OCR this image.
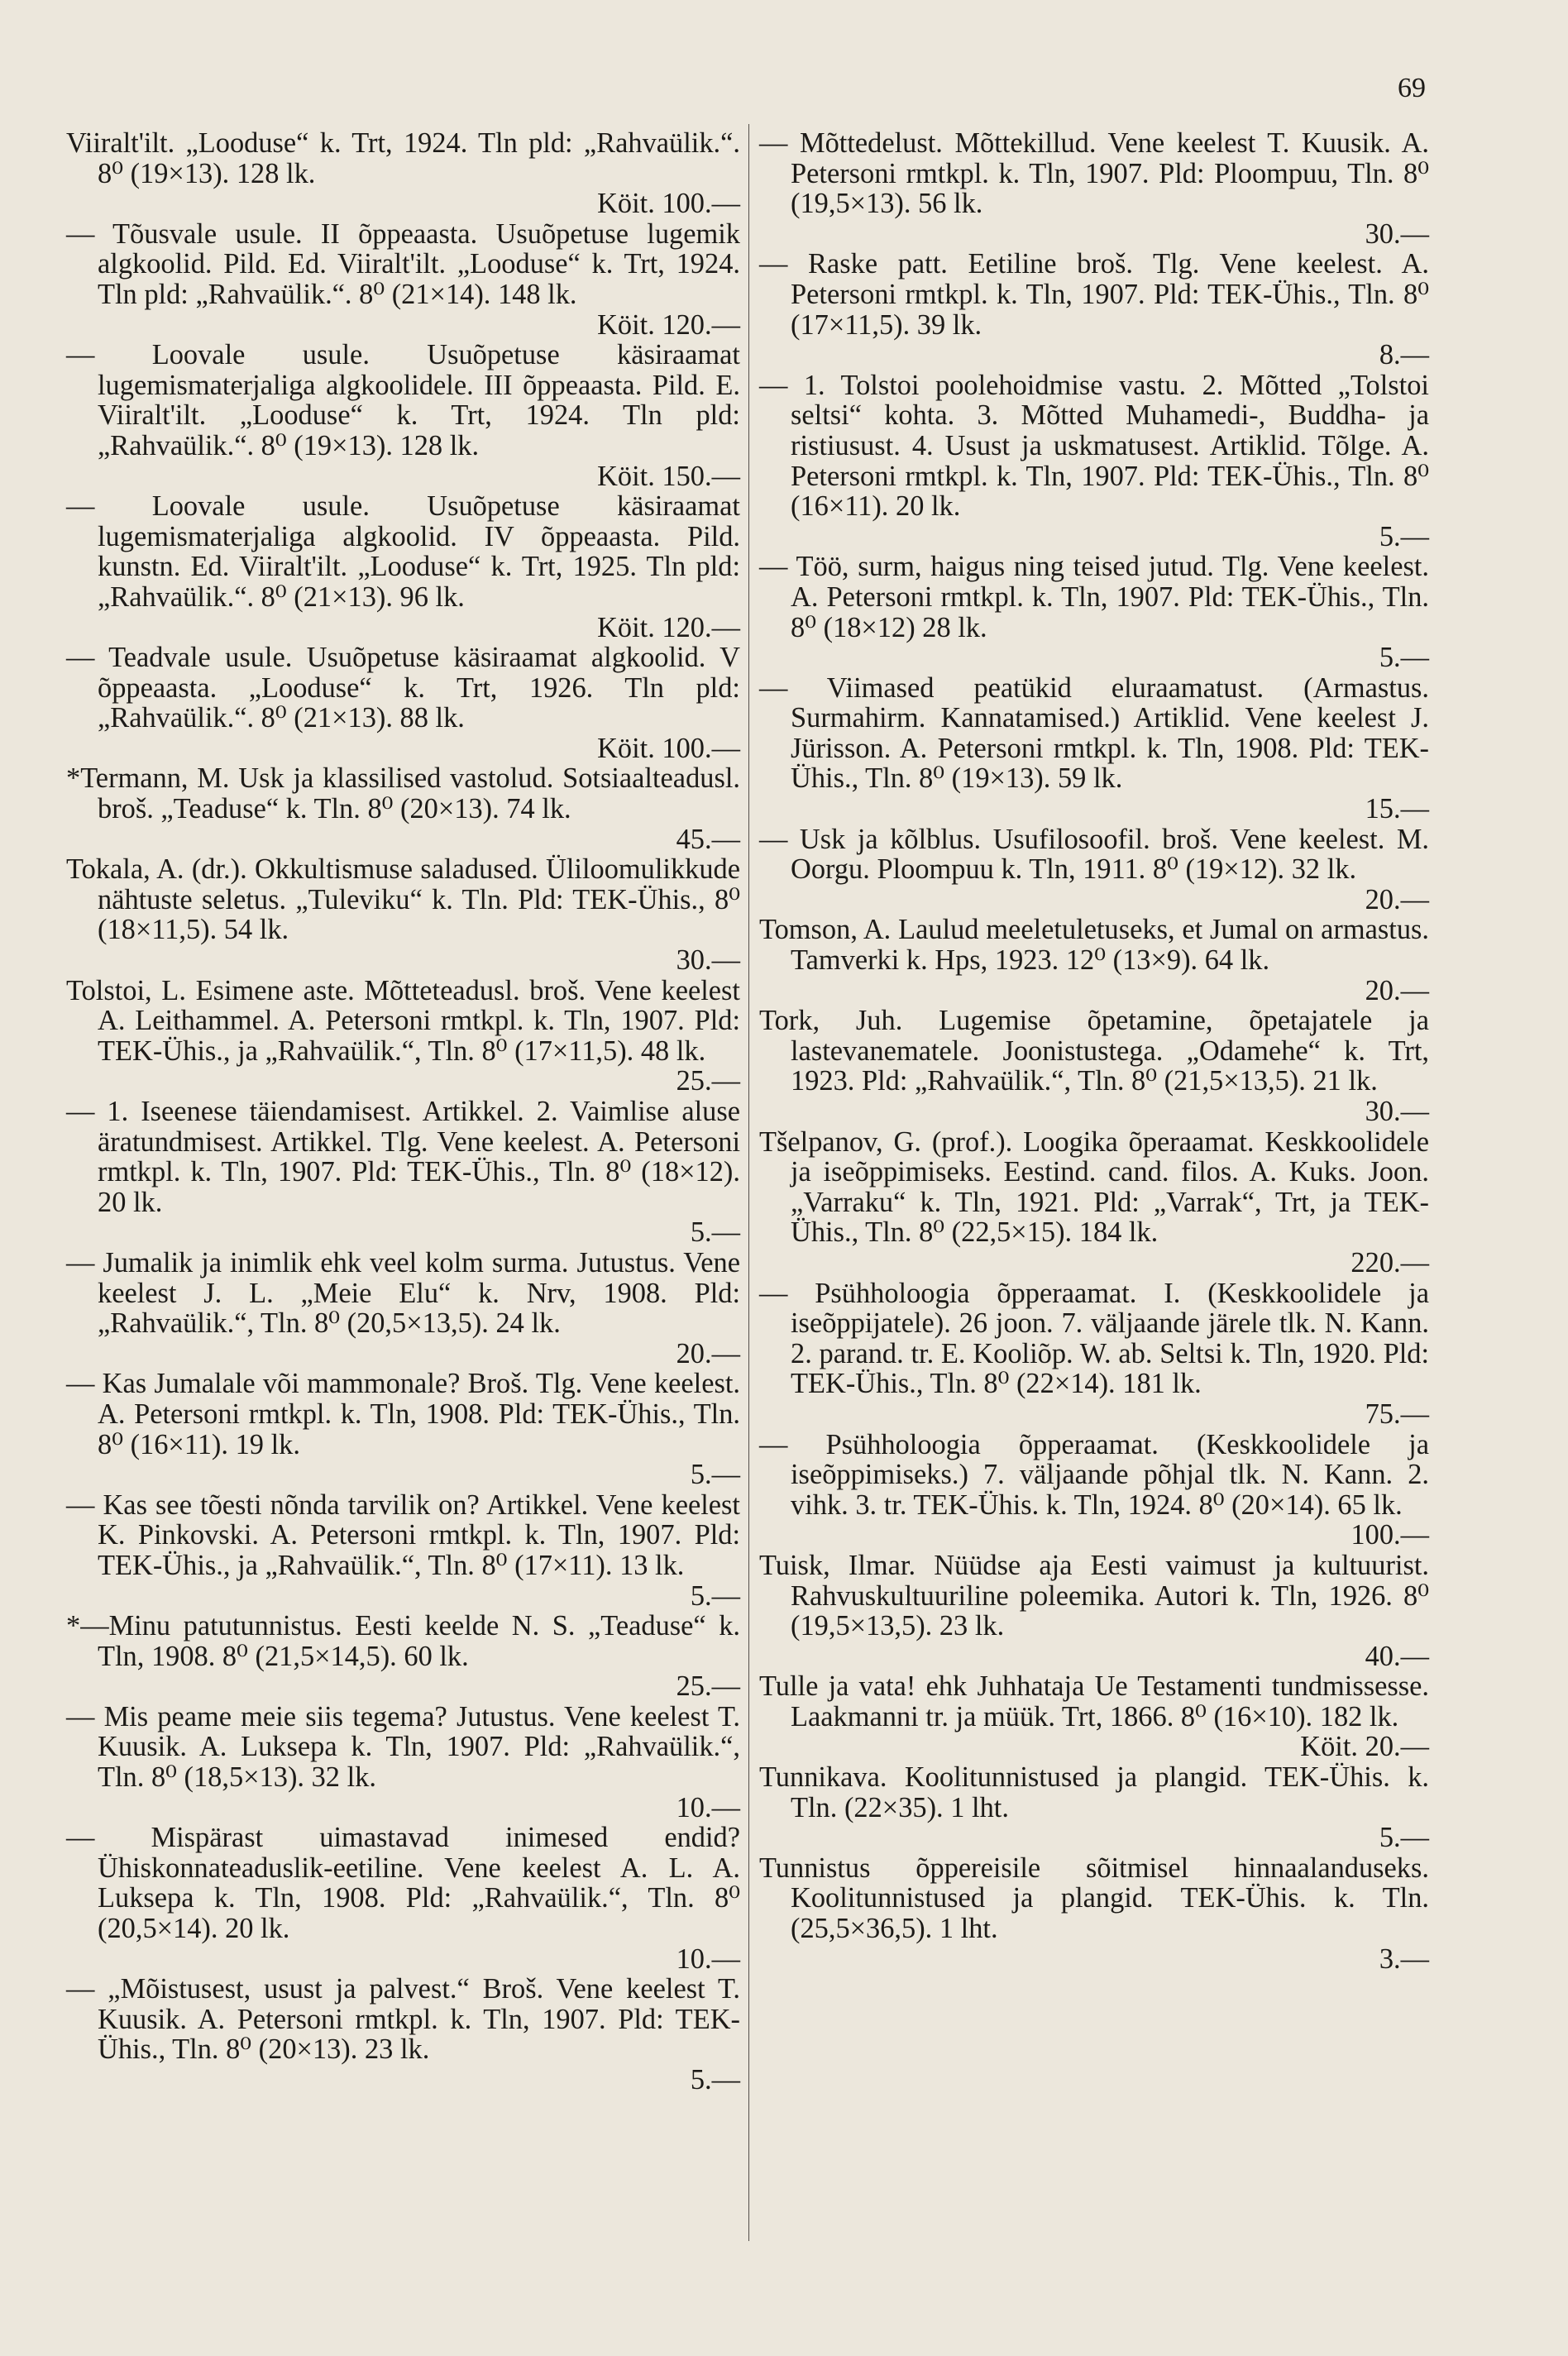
69
Viiralt'ilt. „Looduse“ k. Trt, 1924. Tln pld: „Rahvaülik.“. 8⁰ (19×13). 128 lk.
Köit. 100.—
— Tõusvale usule. II õppeaasta. Usuõpetuse lugemik algkoolid. Pild. Ed. Viiralt'ilt. „Looduse“ k. Trt, 1924. Tln pld: „Rahvaülik.“. 8⁰ (21×14). 148 lk.
Köit. 120.—
— Loovale usule. Usuõpetuse käsiraamat lugemismaterjaliga algkoolidele. III õppeaasta. Pild. E. Viiralt'ilt. „Looduse“ k. Trt, 1924. Tln pld: „Rahvaülik.“. 8⁰ (19×13). 128 lk.
Köit. 150.—
— Loovale usule. Usuõpetuse käsiraamat lugemismaterjaliga algkoolid. IV õppeaasta. Pild. kunstn. Ed. Viiralt'ilt. „Looduse“ k. Trt, 1925. Tln pld: „Rahvaülik.“. 8⁰ (21×13). 96 lk.
Köit. 120.—
— Teadvale usule. Usuõpetuse käsiraamat algkoolid. V õppeaasta. „Looduse“ k. Trt, 1926. Tln pld: „Rahvaülik.“. 8⁰ (21×13). 88 lk.
Köit. 100.—
*Termann, M. Usk ja klassilised vastolud. Sotsiaalteadusl. broš. „Teaduse“ k. Tln. 8⁰ (20×13). 74 lk.
45.—
Tokala, A. (dr.). Okkultismuse saladused. Üliloomulikkude nähtuste seletus. „Tuleviku“ k. Tln. Pld: TEK-Ühis., 8⁰ (18×11,5). 54 lk.
30.—
Tolstoi, L. Esimene aste. Mõtteteadusl. broš. Vene keelest A. Leithammel. A. Petersoni rmtkpl. k. Tln, 1907. Pld: TEK-Ühis., ja „Rahvaülik.“, Tln. 8⁰ (17×11,5). 48 lk.
25.—
— 1. Iseenese täiendamisest. Artikkel. 2. Vaimlise aluse äratundmisest. Artikkel. Tlg. Vene keelest. A. Petersoni rmtkpl. k. Tln, 1907. Pld: TEK-Ühis., Tln. 8⁰ (18×12). 20 lk.
5.—
— Jumalik ja inimlik ehk veel kolm surma. Jutustus. Vene keelest J. L. „Meie Elu“ k. Nrv, 1908. Pld: „Rahvaülik.“, Tln. 8⁰ (20,5×13,5). 24 lk.
20.—
— Kas Jumalale või mammonale? Broš. Tlg. Vene keelest. A. Petersoni rmtkpl. k. Tln, 1908. Pld: TEK-Ühis., Tln. 8⁰ (16×11). 19 lk.
5.—
— Kas see tõesti nõnda tarvilik on? Artikkel. Vene keelest K. Pinkovski. A. Petersoni rmtkpl. k. Tln, 1907. Pld: TEK-Ühis., ja „Rahvaülik.“, Tln. 8⁰ (17×11). 13 lk.
5.—
*—Minu patutunnistus. Eesti keelde N. S. „Teaduse“ k. Tln, 1908. 8⁰ (21,5×14,5). 60 lk.
25.—
— Mis peame meie siis tegema? Jutustus. Vene keelest T. Kuusik. A. Luksepa k. Tln, 1907. Pld: „Rahvaülik.“, Tln. 8⁰ (18,5×13). 32 lk.
10.—
— Mispärast uimastavad inimesed endid? Ühiskonnateaduslik-eetiline. Vene keelest A. L. A. Luksepa k. Tln, 1908. Pld: „Rahvaülik.“, Tln. 8⁰ (20,5×14). 20 lk.
10.—
— „Mõistusest, usust ja palvest.“ Broš. Vene keelest T. Kuusik. A. Petersoni rmtkpl. k. Tln, 1907. Pld: TEK-Ühis., Tln. 8⁰ (20×13). 23 lk.
5.—
— Mõttedelust. Mõttekillud. Vene keelest T. Kuusik. A. Petersoni rmtkpl. k. Tln, 1907. Pld: Ploompuu, Tln. 8⁰ (19,5×13). 56 lk.
30.—
— Raske patt. Eetiline broš. Tlg. Vene keelest. A. Petersoni rmtkpl. k. Tln, 1907. Pld: TEK-Ühis., Tln. 8⁰ (17×11,5). 39 lk.
8.—
— 1. Tolstoi poolehoidmise vastu. 2. Mõtted „Tolstoi seltsi“ kohta. 3. Mõtted Muhamedi-, Buddha- ja ristiusust. 4. Usust ja uskmatusest. Artiklid. Tõlge. A. Petersoni rmtkpl. k. Tln, 1907. Pld: TEK-Ühis., Tln. 8⁰ (16×11). 20 lk.
5.—
— Töö, surm, haigus ning teised jutud. Tlg. Vene keelest. A. Petersoni rmtkpl. k. Tln, 1907. Pld: TEK-Ühis., Tln. 8⁰ (18×12) 28 lk.
5.—
— Viimased peatükid eluraamatust. (Armastus. Surmahirm. Kannatamised.) Artiklid. Vene keelest J. Jürisson. A. Petersoni rmtkpl. k. Tln, 1908. Pld: TEK-Ühis., Tln. 8⁰ (19×13). 59 lk.
15.—
— Usk ja kõlblus. Usufilosoofil. broš. Vene keelest. M. Oorgu. Ploompuu k. Tln, 1911. 8⁰ (19×12). 32 lk.
20.—
Tomson, A. Laulud meeletuletuseks, et Jumal on armastus. Tamverki k. Hps, 1923. 12⁰ (13×9). 64 lk.
20.—
Tork, Juh. Lugemise õpetamine, õpetajatele ja lastevanematele. Joonistustega. „Odamehe“ k. Trt, 1923. Pld: „Rahvaülik.“, Tln. 8⁰ (21,5×13,5). 21 lk.
30.—
Tšelpanov, G. (prof.). Loogika õperaamat. Keskkoolidele ja iseõppimiseks. Eestind. cand. filos. A. Kuks. Joon. „Varraku“ k. Tln, 1921. Pld: „Varrak“, Trt, ja TEK-Ühis., Tln. 8⁰ (22,5×15). 184 lk.
220.—
— Psühholoogia õpperaamat. I. (Keskkoolidele ja iseõppijatele). 26 joon. 7. väljaande järele tlk. N. Kann. 2. parand. tr. E. Kooliõp. W. ab. Seltsi k. Tln, 1920. Pld: TEK-Ühis., Tln. 8⁰ (22×14). 181 lk.
75.—
— Psühholoogia õpperaamat. (Keskkoolidele ja iseõppimiseks.) 7. väljaande põhjal tlk. N. Kann. 2. vihk. 3. tr. TEK-Ühis. k. Tln, 1924. 8⁰ (20×14). 65 lk.
100.—
Tuisk, Ilmar. Nüüdse aja Eesti vaimust ja kultuurist. Rahvuskultuuriline poleemika. Autori k. Tln, 1926. 8⁰ (19,5×13,5). 23 lk.
40.—
Tulle ja vata! ehk Juhhataja Ue Testamenti tundmissesse. Laakmanni tr. ja müük. Trt, 1866. 8⁰ (16×10). 182 lk.
Köit. 20.—
Tunnikava. Koolitunnistused ja plangid. TEK-Ühis. k. Tln. (22×35). 1 lht.
5.—
Tunnistus õppereisile sõitmisel hinnaalanduseks. Koolitunnistused ja plangid. TEK-Ühis. k. Tln. (25,5×36,5). 1 lht.
3.—
